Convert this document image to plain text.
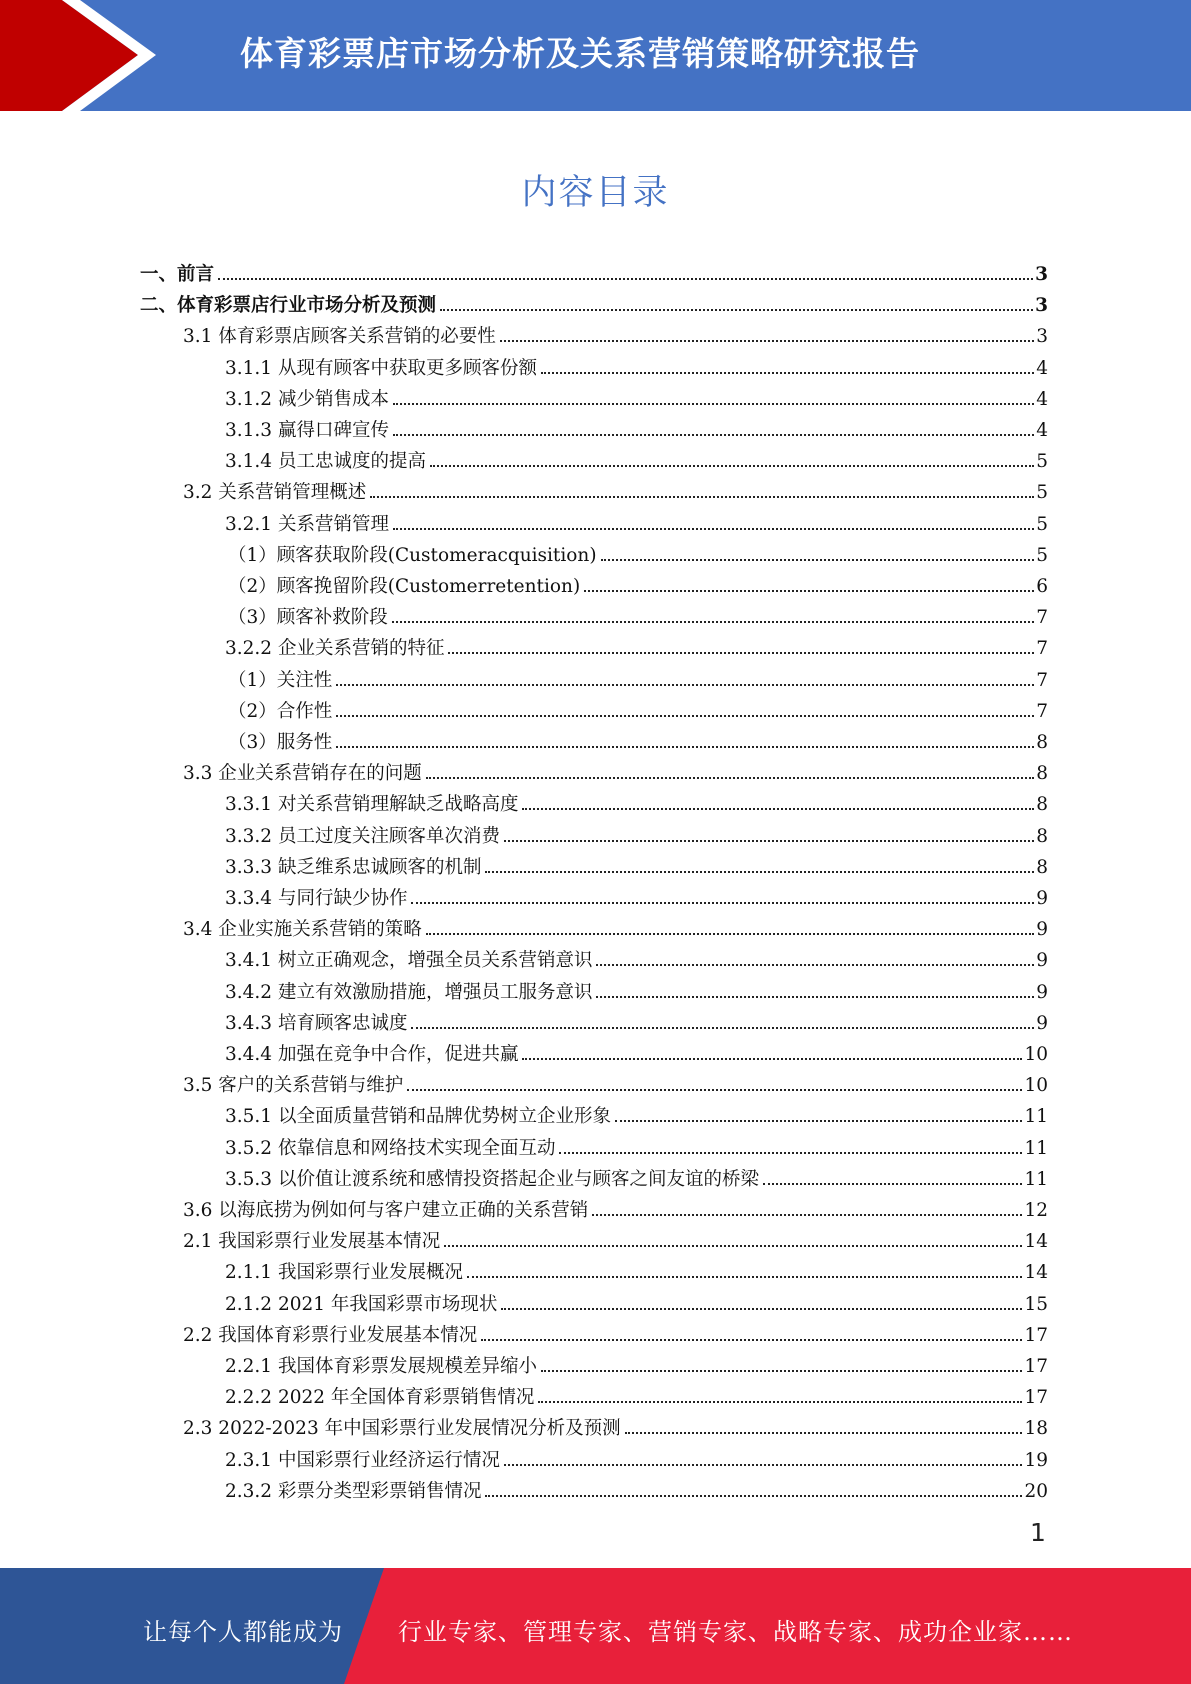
体育彩票店市场分析及关系营销策略研究报告
内容目录
一、前言	3
二、体育彩票店行业市场分析及预测	3
3.1 体育彩票店顾客关系营销的必要性	3
3.1.1 从现有顾客中获取更多顾客份额	4
3.1.2 减少销售成本	4
3.1.3 赢得口碑宣传	4
3.1.4 员工忠诚度的提高	5
3.2 关系营销管理概述	5
3.2.1 关系营销管理	5
（1）顾客获取阶段(Customeracquisition)	5
（2）顾客挽留阶段(Customerretention)	6
（3）顾客补救阶段	7
3.2.2 企业关系营销的特征	7
（1）关注性	7
（2）合作性	7
（3）服务性	8
3.3 企业关系营销存在的问题	8
3.3.1 对关系营销理解缺乏战略高度	8
3.3.2 员工过度关注顾客单次消费	8
3.3.3 缺乏维系忠诚顾客的机制	8
3.3.4 与同行缺少协作	9
3.4 企业实施关系营销的策略	9
3.4.1 树立正确观念，增强全员关系营销意识	9
3.4.2 建立有效激励措施，增强员工服务意识	9
3.4.3 培育顾客忠诚度	9
3.4.4 加强在竞争中合作，促进共赢	10
3.5 客户的关系营销与维护	10
3.5.1 以全面质量营销和品牌优势树立企业形象	11
3.5.2 依靠信息和网络技术实现全面互动	11
3.5.3 以价值让渡系统和感情投资搭起企业与顾客之间友谊的桥梁	11
3.6 以海底捞为例如何与客户建立正确的关系营销	12
2.1 我国彩票行业发展基本情况	14
2.1.1 我国彩票行业发展概况	14
2.1.2 2021 年我国彩票市场现状	15
2.2 我国体育彩票行业发展基本情况	17
2.2.1 我国体育彩票发展规模差异缩小	17
2.2.2 2022 年全国体育彩票销售情况	17
2.3 2022-2023 年中国彩票行业发展情况分析及预测	18
2.3.1 中国彩票行业经济运行情况	19
2.3.2 彩票分类型彩票销售情况	20
1
让每个人都能成为 行业专家、管理专家、营销专家、战略专家、成功企业家……
